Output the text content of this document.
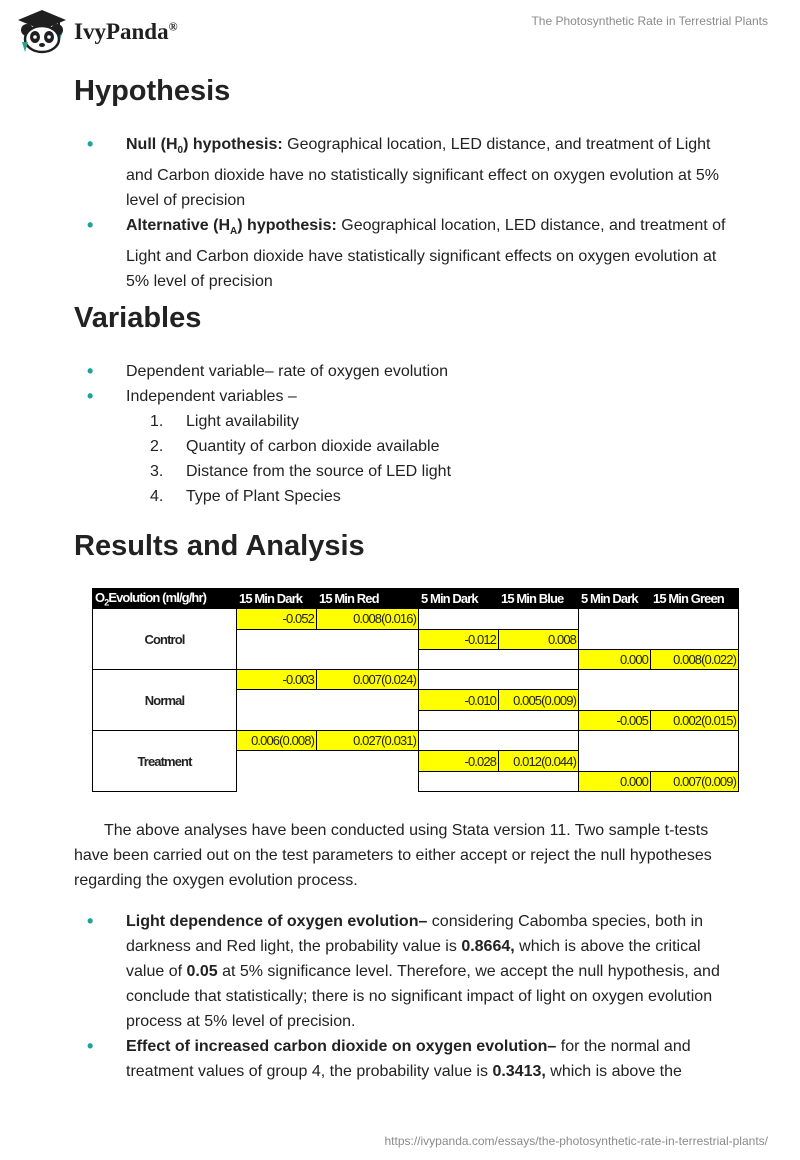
IvyPanda®	The Photosynthetic Rate in Terrestrial Plants
Hypothesis
• Null $(H_0)$ hypothesis: Geographical location, LED distance, and treatment of Light and Carbon dioxide have no statistically significant effect on oxygen evolution at 5% level of precision
• Alternative $(H_A)$ hypothesis: Geographical location, LED distance, and treatment of Light and Carbon dioxide have statistically significant effects on oxygen evolution at 5% level of precision
Variables
• Dependent variable– rate of oxygen evolution
• Independent variables –
1. Light availability
2. Quantity of carbon dioxide available
3. Distance from the source of LED light
4. Type of Plant Species
Results and Analysis
$O_2Evolution$ (ml/g/hr)	15 Min Dark	15 Min Red	5 Min Dark	15 Min Blue	5 Min Dark	15 Min Green
Control	-0.052	0.008(0.016)				
			-0.012	0.008		
					0.000	0.008(0.022)
Normal	-0.003	0.007(0.024)				
			-0.010	0.005(0.009)		
					-0.005	0.002(0.015)
Treatment	0.006(0.008)	0.027(0.031)				
			-0.028	0.012(0.044)		
					0.000	0.007(0.009)

The above analyses have been conducted using Stata version 11. Two sample t-tests have been carried out on the test parameters to either accept or reject the null hypotheses regarding the oxygen evolution process.

• Light dependence of oxygen evolution– considering Cabomba species, both in darkness and Red light, the probability value is 0.8664, which is above the critical value of 0.05 at 5% significance level. Therefore, we accept the null hypothesis, and conclude that statistically; there is no significant impact of light on oxygen evolution process at 5% level of precision.
• Effect of increased carbon dioxide on oxygen evolution– for the normal and treatment values of group 4, the probability value is 0.3413, which is above the
https://ivypanda.com/essays/the-photosynthetic-rate-in-terrestrial-plants/
